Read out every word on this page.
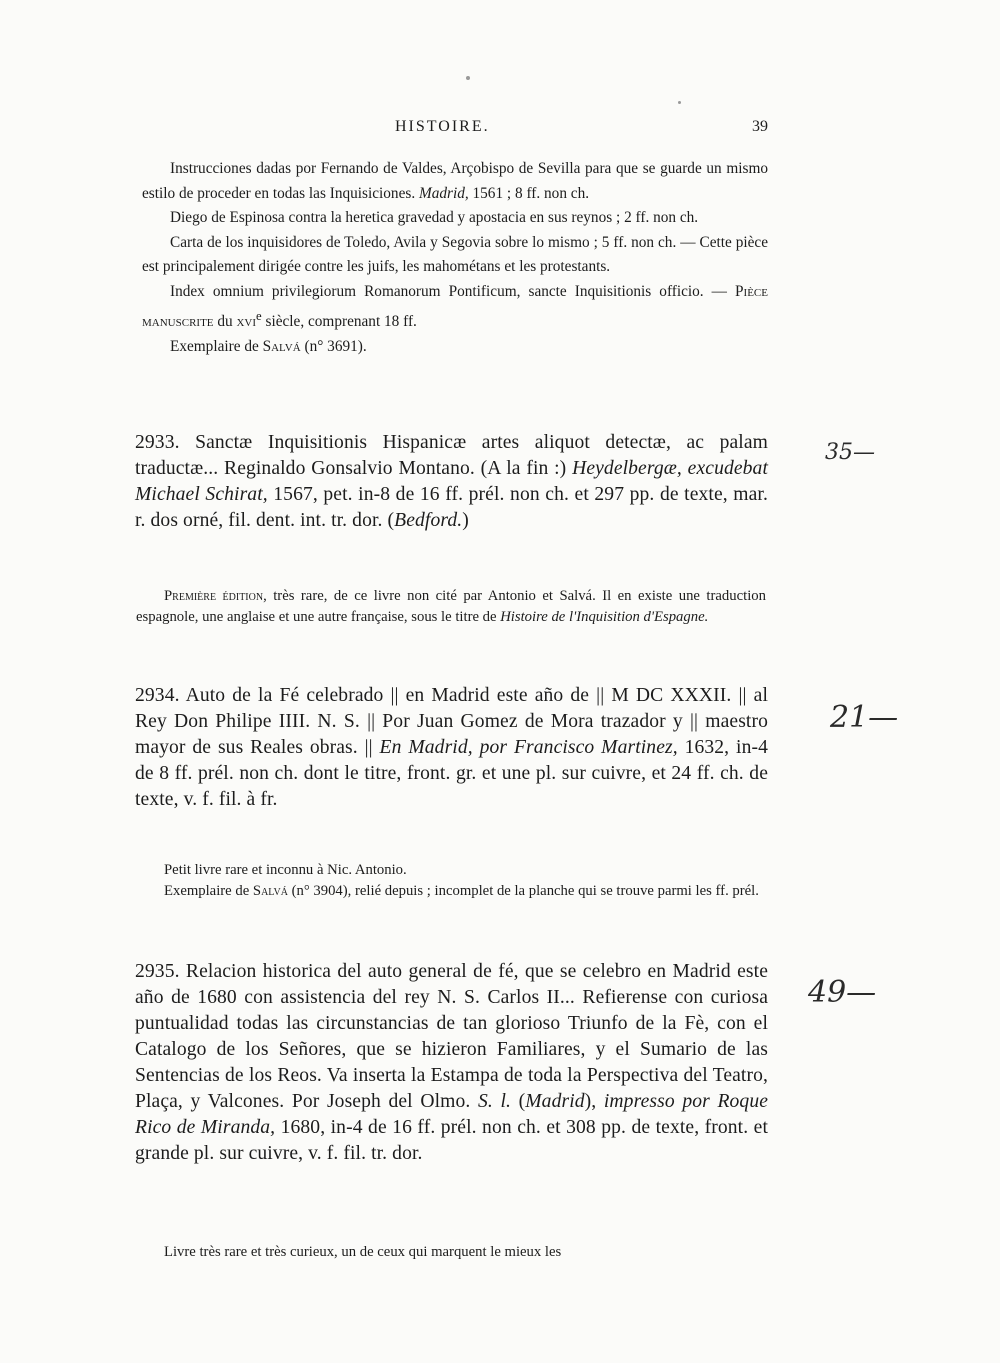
HISTOIRE.	39

Instrucciones dadas por Fernando de Valdes, Arçobispo de Sevilla para que se guarde un mismo estilo de proceder en todas las Inquisiciones. Madrid, 1561 ; 8 ff. non ch.

Diego de Espinosa contra la heretica gravedad y apostacia en sus reynos ; 2 ff. non ch.

Carta de los inquisidores de Toledo, Avila y Segovia sobre lo mismo ; 5 ff. non ch. — Cette pièce est principalement dirigée contre les juifs, les mahométans et les protestants.

Index omnium privilegiorum Romanorum Pontificum, sancte Inquisitionis officio. — Pièce manuscrite du xvi$^e$ siècle, comprenant 18 ff.

Exemplaire de Salvá (n° 3691).

2933. Sanctæ Inquisitionis Hispanicæ artes aliquot detectæ, ac palam traductæ... Reginaldo Gonsalvio Montano. (A la fin :) Heydelbergæ, excudebat Michael Schirat, 1567, pet. in-8 de 16 ff. prél. non ch. et 297 pp. de texte, mar. r. dos orné, fil. dent. int. tr. dor. (Bedford.)

Première édition, très rare, de ce livre non cité par Antonio et Salvá. Il en existe une traduction espagnole, une anglaise et une autre française, sous le titre de Histoire de l'Inquisition d'Espagne.

35—

2934. Auto de la Fé celebrado || en Madrid este año de || M DC XXXII. || al Rey Don Philipe IIII. N. S. || Por Juan Gomez de Mora trazador y || maestro mayor de sus Reales obras. || En Madrid, por Francisco Martinez, 1632, in-4 de 8 ff. prél. non ch. dont le titre, front. gr. et une pl. sur cuivre, et 24 ff. ch. de texte, v. f. fil. à fr.

Petit livre rare et inconnu à Nic. Antonio.

Exemplaire de Salvá (n° 3904), relié depuis ; incomplet de la planche qui se trouve parmi les ff. prél.

21—

2935. Relacion historica del auto general de fé, que se celebro en Madrid este año de 1680 con assistencia del rey N. S. Carlos II... Refierense con curiosa puntualidad todas las circunstancias de tan glorioso Triunfo de la Fè, con el Catalogo de los Señores, que se hizieron Familiares, y el Sumario de las Sentencias de los Reos. Va inserta la Estampa de toda la Perspectiva del Teatro, Plaça, y Valcones. Por Joseph del Olmo. S. l. (Madrid), impresso por Roque Rico de Miranda, 1680, in-4 de 16 ff. prél. non ch. et 308 pp. de texte, front. et grande pl. sur cuivre, v. f. fil. tr. dor.

Livre très rare et très curieux, un de ceux qui marquent le mieux les

49—
